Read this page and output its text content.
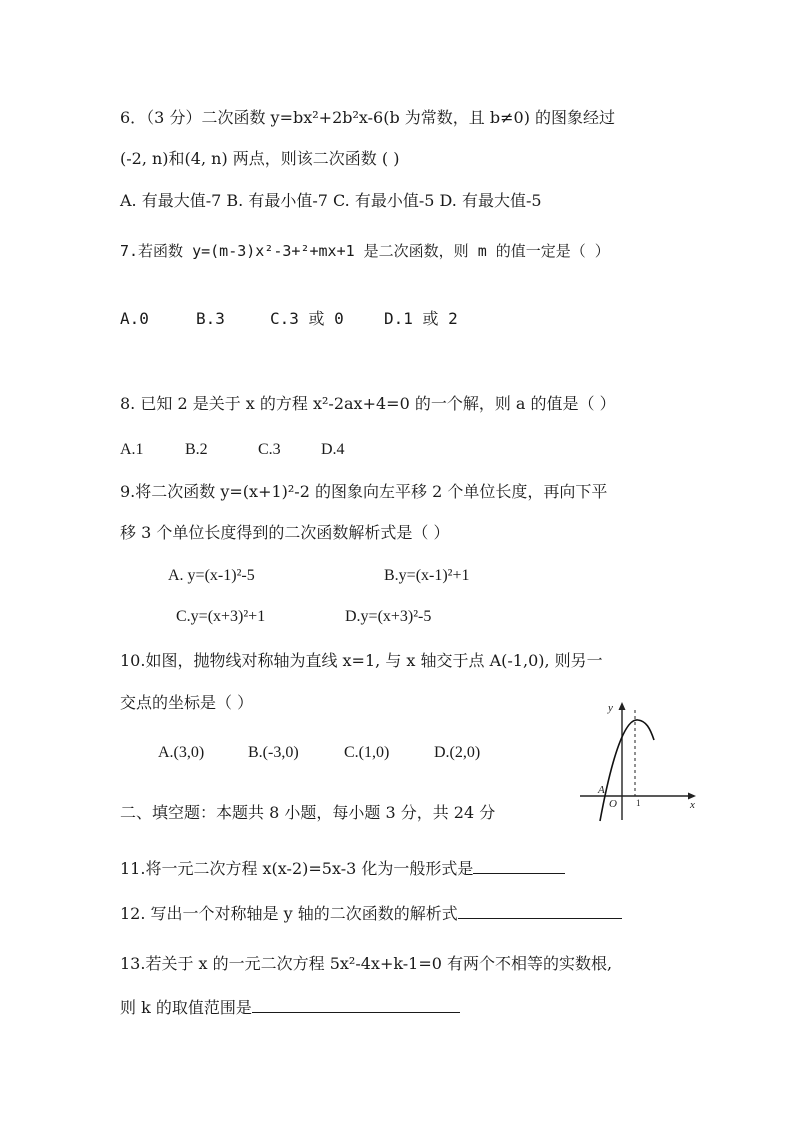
6．（3 分）二次函数 y=bx²+2b²x-6(b 为常数，且 b≠0) 的图象经过
(-2, n)和(4, n) 两点，则该二次函数 ( )
A. 有最大值-7 B. 有最小值-7 C. 有最小值-5 D. 有最大值-5
7.若函数 y=(m-3)x²-3+²+mx+1 是二次函数，则 m 的值一定是（ ）
A.0	B.3	C.3 或 0	D.1 或 2
8. 已知 2 是关于 x 的方程 x²-2ax+4=0 的一个解，则 a 的值是（ ）
A.1	B.2	C.3	D.4
9.将二次函数 y=(x+1)²-2 的图象向左平移 2 个单位长度，再向下平
移 3 个单位长度得到的二次函数解析式是（ ）
A. y=(x-1)²-5	B.y=(x-1)²+1
C.y=(x+3)²+1	D.y=(x+3)²-5
10.如图，抛物线对称轴为直线 x=1, 与 x 轴交于点 A(-1,0), 则另一
交点的坐标是（ ）
A.(3,0)	B.(-3,0)	C.(1,0)	D.(2,0)
y
x
A
O 1
二、填空题：本题共 8 小题，每小题 3 分，共 24 分
11.将一元二次方程 x(x-2)=5x-3 化为一般形式是
12. 写出一个对称轴是 y 轴的二次函数的解析式
13.若关于 x 的一元二次方程 5x²-4x+k-1=0 有两个不相等的实数根,
则 k 的取值范围是
